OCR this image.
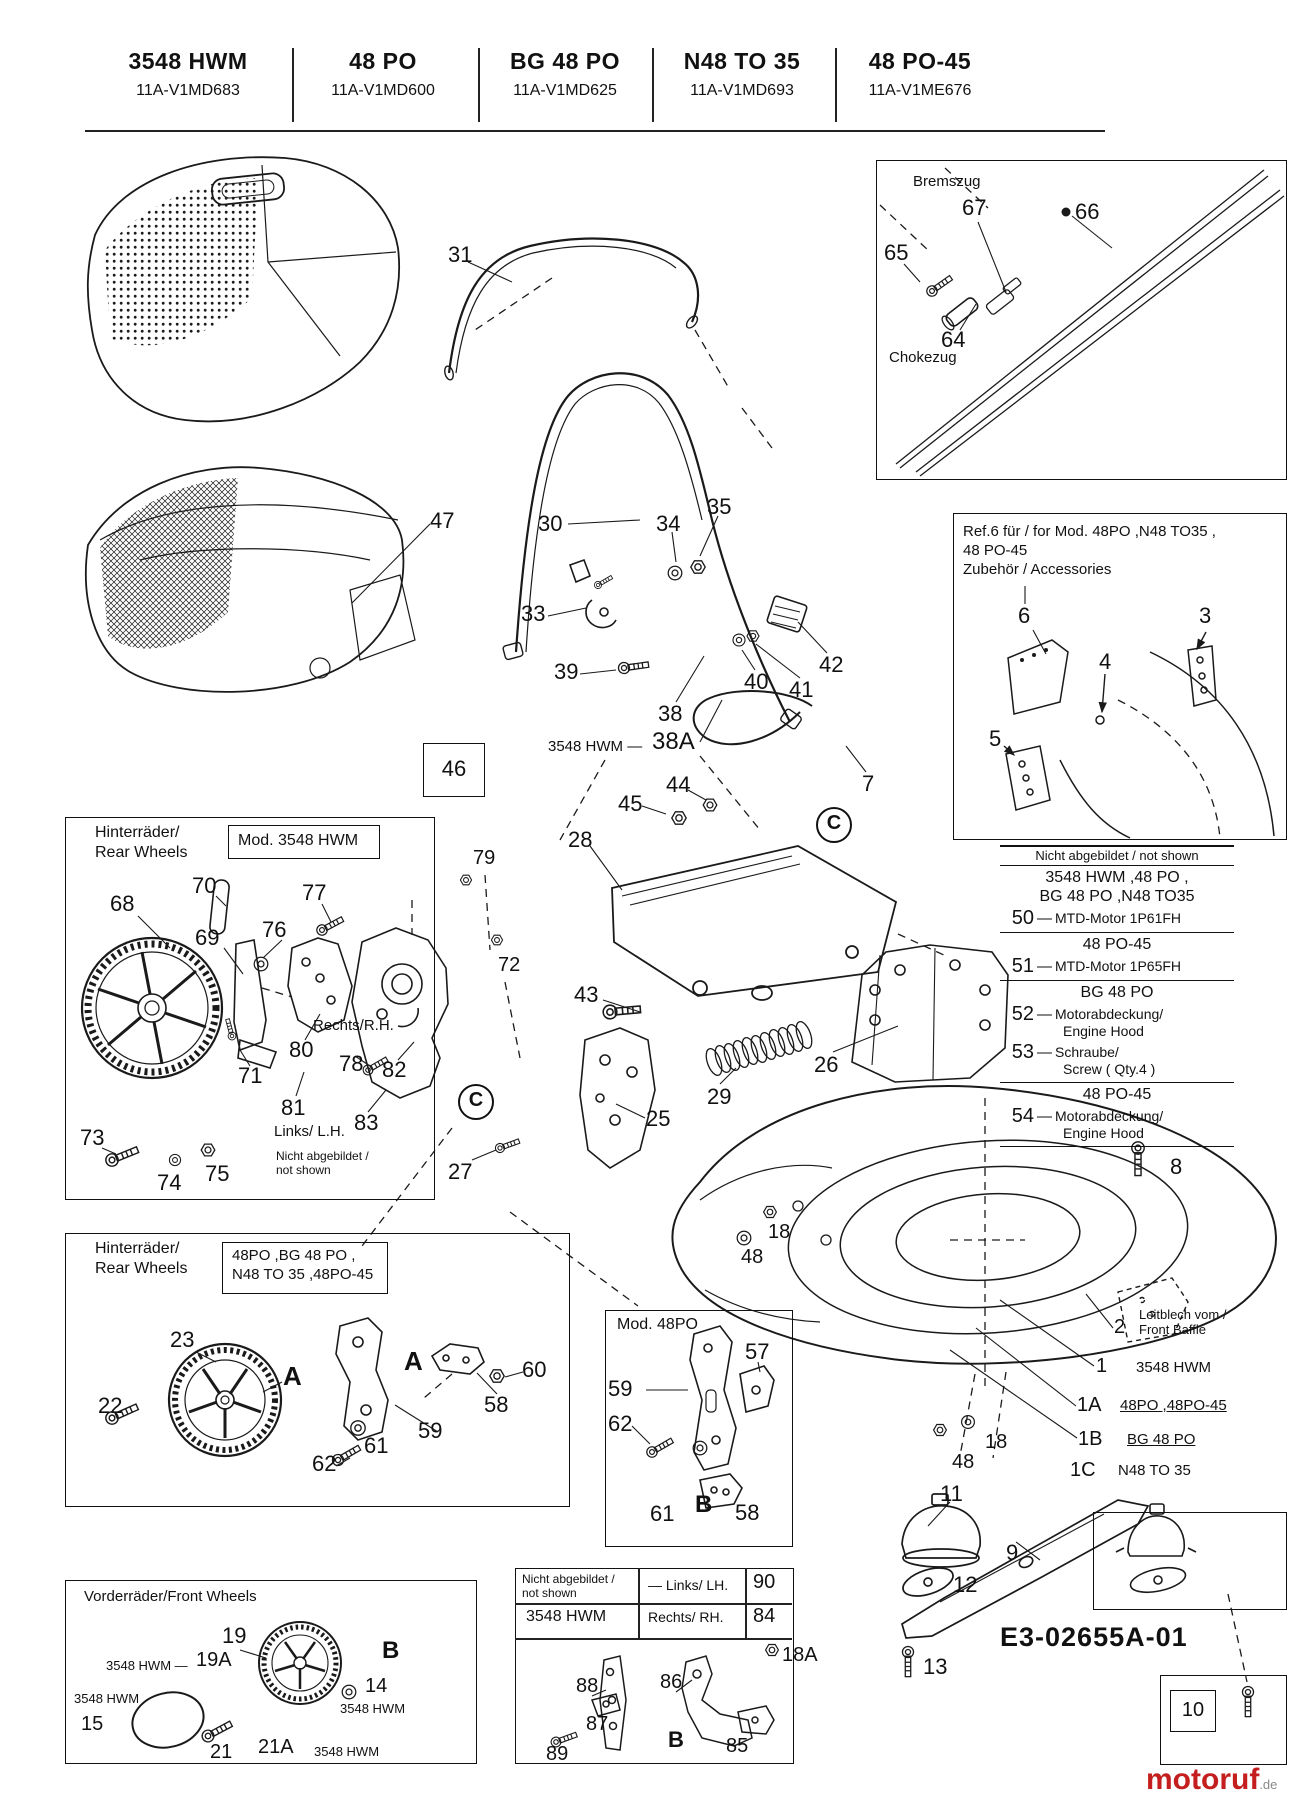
3548 HWM
11A-V1MD683
48 PO
11A-V1MD600
BG 48 PO
11A-V1MD625
N48 TO 35
11A-V1MD693
48 PO-45
11A-V1ME676
46
10
C
C
Ref.6 für / for Mod. 48PO ,N48 TO35 ,
48 PO-45
Zubehör / Accessories
Hinterräder/
Rear Wheels
Mod. 3548 HWM
Hinterräder/
Rear Wheels
48PO ,BG 48 PO ,
N48 TO 35 ,48PO-45
Mod. 48PO
Vorderräder/Front Wheels
Nicht abgebildet /
not shown	— Links/ LH. 90
3548 HWM	Rechts/ RH. 84
E3-02655A-01
motoruf.de
31
47	30	34
35
33
39
38
3548 HWM — 38A
40 41
42
7
44
45
28
79
72
43
29
26
25
27	8
18
48
2
Leitblech vom /
Front Baffle
1 3548 HWM
1A 48PO ,48PO-45
1B BG 48 PO
1C N48 TO 35
18
48
11
9
12
13
18A
Bremszug
67	66
65
64
Chokezug
6	3
4
5
68
70	77
76
69
Rechts/R.H.
80
78 82
81
83
Links/ L.H.
Nicht abgebildet /
not shown
73
74 75
71
23
22
A
62
61
59
A	60
58
59
57
62
61 B 58
19
3548 HWM — 19A	B
14
3548 HWM
3548 HWM
15
21 21A 3548 HWM
88	86
87
89
B 85
Nicht abgebildet / not shown
3548 HWM ,48 PO ,
BG 48 PO ,N48 TO35
50 — MTD-Motor 1P61FH
48 PO-45
51 — MTD-Motor 1P65FH
BG 48 PO
52 — Motorabdeckung/
Engine Hood
53 — Schraube/
Screw ( Qty.4 )
48 PO-45
54 — Motorabdeckung/
Engine Hood
